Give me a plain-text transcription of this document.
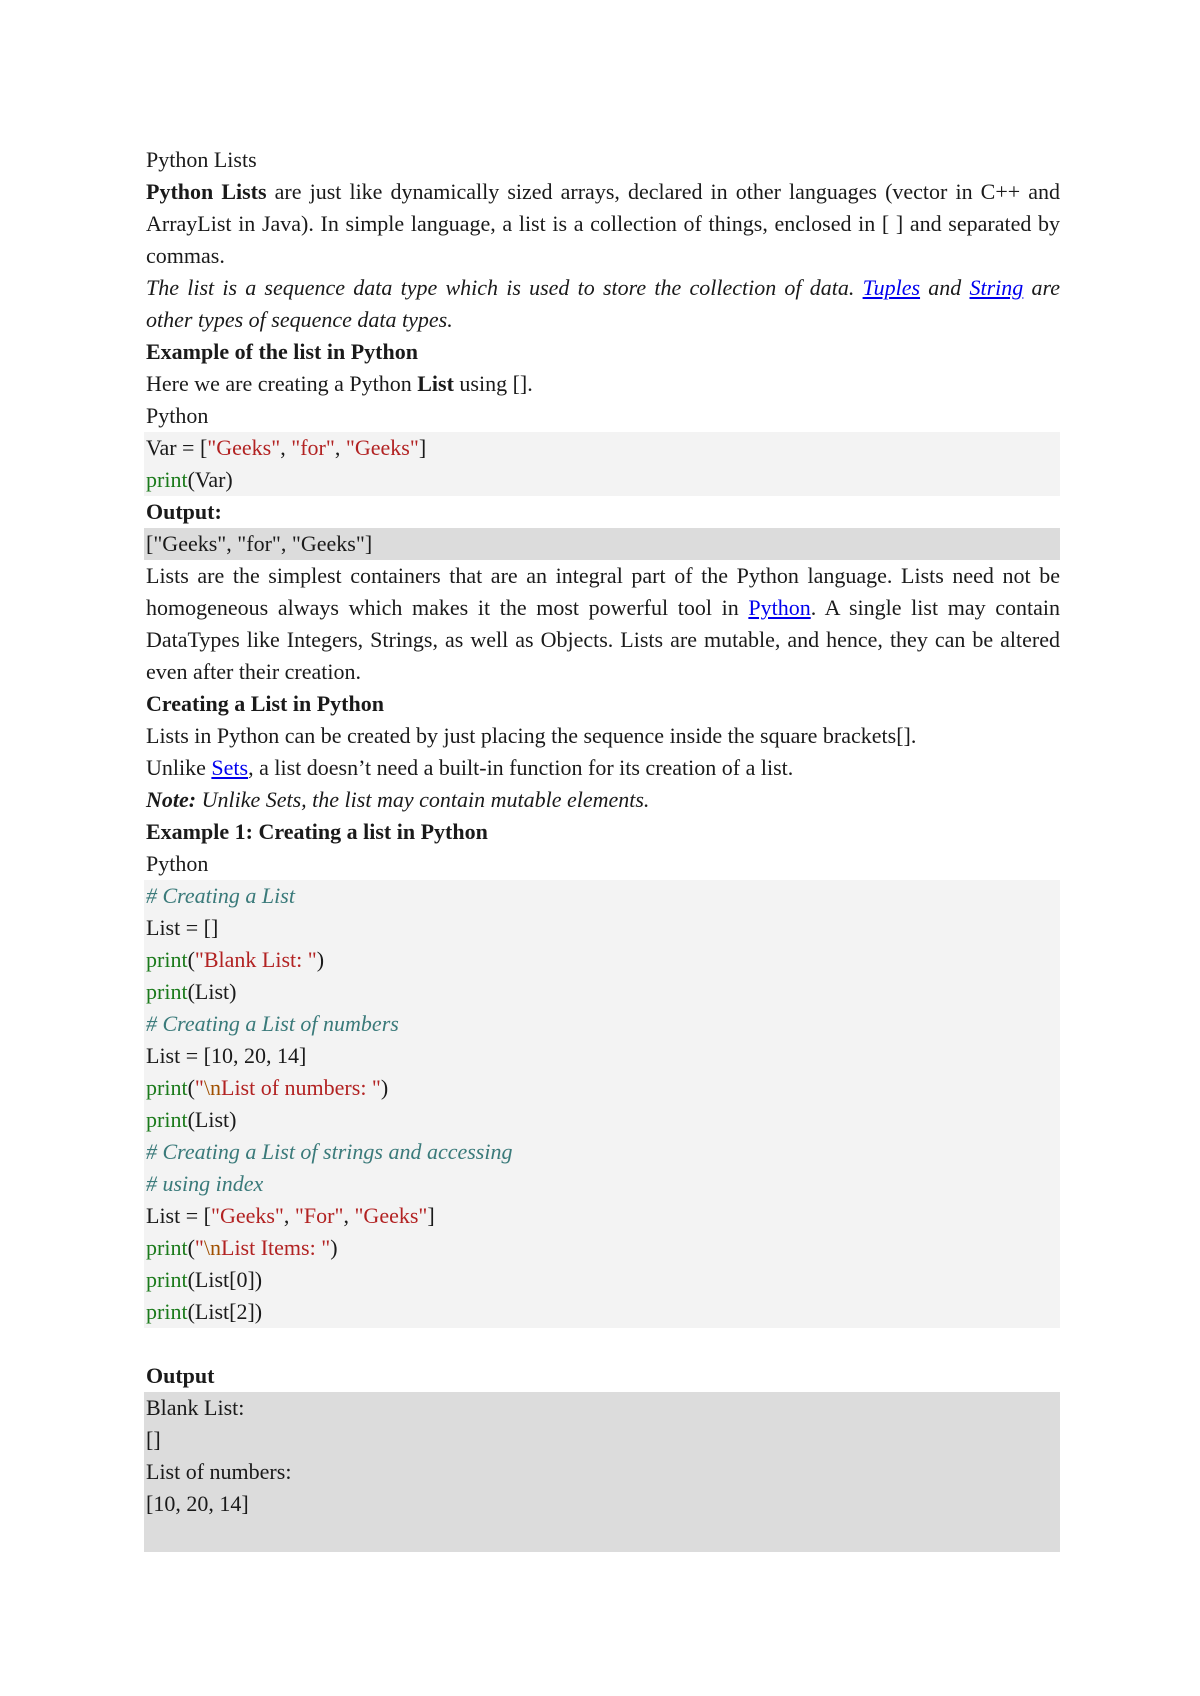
Python Lists

Python Lists are just like dynamically sized arrays, declared in other languages (vector in C++ and ArrayList in Java). In simple language, a list is a collection of things, enclosed in [ ] and separated by commas.

The list is a sequence data type which is used to store the collection of data. Tuples and String are other types of sequence data types.

Example of the list in Python

Here we are creating a Python List using [].

Python

Var = ["Geeks", "for", "Geeks"]

print(Var)

Output:

["Geeks", "for", "Geeks"]

Lists are the simplest containers that are an integral part of the Python language. Lists need not be homogeneous always which makes it the most powerful tool in Python. A single list may contain DataTypes like Integers, Strings, as well as Objects. Lists are mutable, and hence, they can be altered even after their creation.

Creating a List in Python

Lists in Python can be created by just placing the sequence inside the square brackets[].

Unlike Sets, a list doesn’t need a built-in function for its creation of a list.

Note: Unlike Sets, the list may contain mutable elements.

Example 1: Creating a list in Python

Python

# Creating a List

List = []

print("Blank List: ")

print(List)

# Creating a List of numbers

List = [10, 20, 14]

print("\nList of numbers: ")

print(List)

# Creating a List of strings and accessing

# using index

List = ["Geeks", "For", "Geeks"]

print("\nList Items: ")

print(List[0])

print(List[2])

Output

Blank List:

[]

List of numbers:

[10, 20, 14]
